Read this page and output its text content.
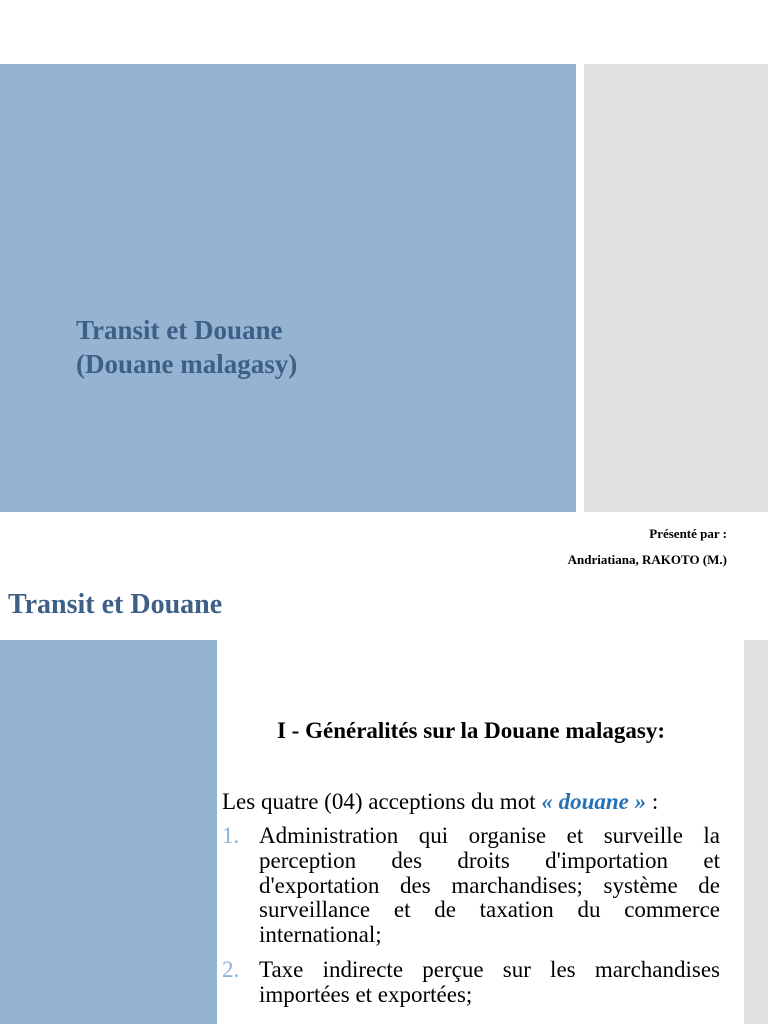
Transit et Douane
(Douane malagasy)
Présenté par :
Andriatiana, RAKOTO (M.)
Transit et Douane
I - Généralités sur la Douane malagasy:

Les quatre (04) acceptions du mot « douane » :

1. Administration qui organise et surveille la
perception des droits d'importation et
d'exportation des marchandises; système de
surveillance et de taxation du commerce
international;
2. Taxe indirecte perçue sur les marchandises
importées et exportées;
